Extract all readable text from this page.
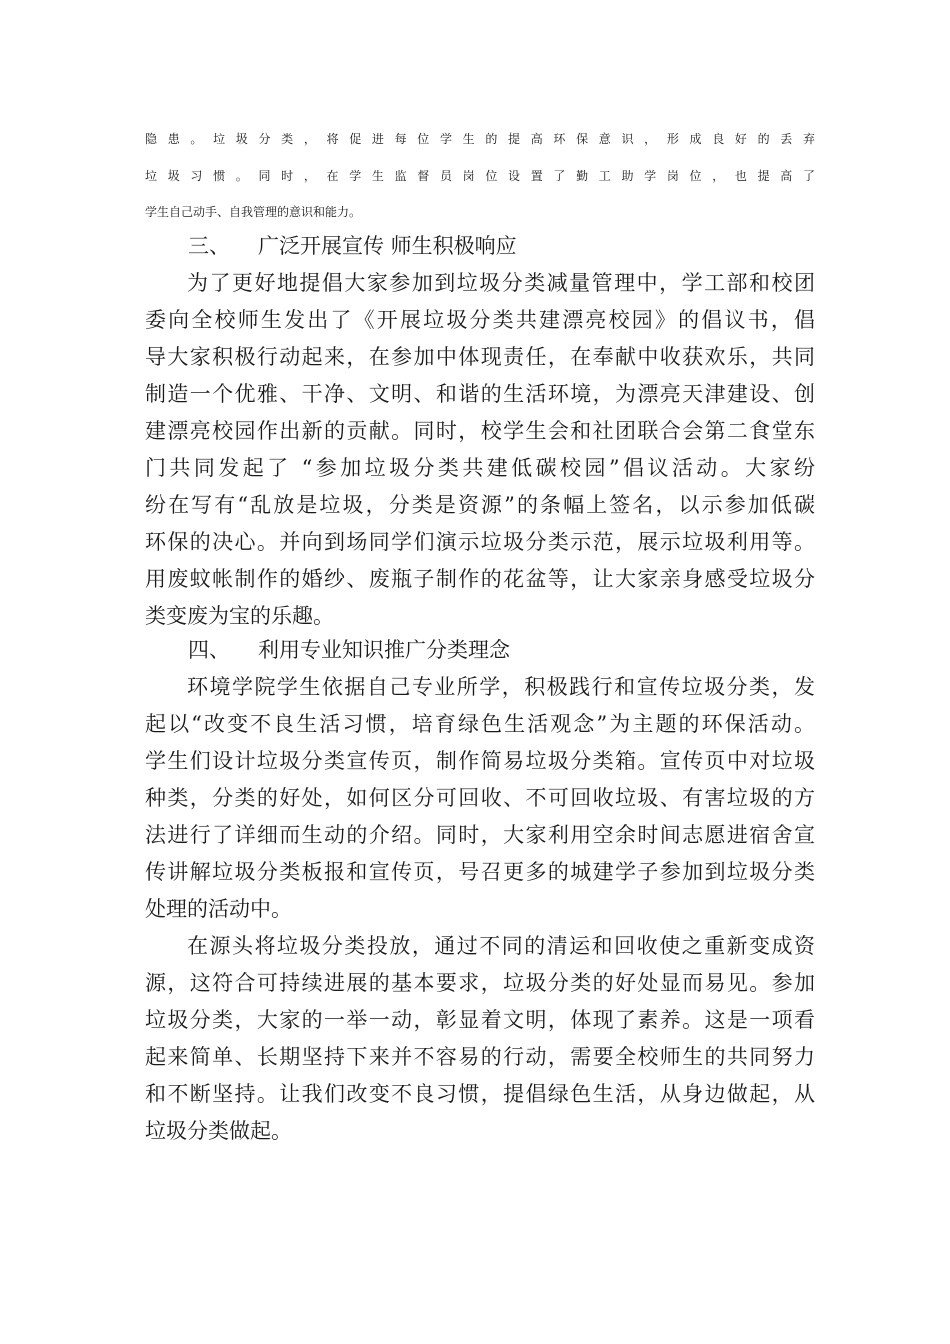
隐患。垃圾分类，将促进每位学生的提高环保意识，形成良好的丢弃
垃圾习惯。同时，在学生监督员岗位设置了勤工助学岗位，也提高了
学生自己动手、自我管理的意识和能力。
三、 广泛开展宣传 师生积极响应
为了更好地提倡大家参加到垃圾分类减量管理中，学工部和校团
委向全校师生发出了《开展垃圾分类共建漂亮校园》的倡议书，倡
导大家积极行动起来，在参加中体现责任，在奉献中收获欢乐，共同
制造一个优雅、干净、文明、和谐的生活环境，为漂亮天津建设、创
建漂亮校园作出新的贡献。同时，校学生会和社团联合会第二食堂东
门共同发起了 “参加垃圾分类共建低碳校园”倡议活动。大家纷
纷在写有“乱放是垃圾，分类是资源”的条幅上签名，以示参加低碳
环保的决心。并向到场同学们演示垃圾分类示范，展示垃圾利用等。
用废蚊帐制作的婚纱、废瓶子制作的花盆等，让大家亲身感受垃圾分
类变废为宝的乐趣。
四、 利用专业知识推广分类理念
环境学院学生依据自己专业所学，积极践行和宣传垃圾分类，发
起以“改变不良生活习惯，培育绿色生活观念”为主题的环保活动。
学生们设计垃圾分类宣传页，制作简易垃圾分类箱。宣传页中对垃圾
种类，分类的好处，如何区分可回收、不可回收垃圾、有害垃圾的方
法进行了详细而生动的介绍。同时，大家利用空余时间志愿进宿舍宣
传讲解垃圾分类板报和宣传页，号召更多的城建学子参加到垃圾分类
处理的活动中。
在源头将垃圾分类投放，通过不同的清运和回收使之重新变成资
源，这符合可持续进展的基本要求，垃圾分类的好处显而易见。参加
垃圾分类，大家的一举一动，彰显着文明，体现了素养。这是一项看
起来简单、长期坚持下来并不容易的行动，需要全校师生的共同努力
和不断坚持。让我们改变不良习惯，提倡绿色生活，从身边做起，从
垃圾分类做起。
